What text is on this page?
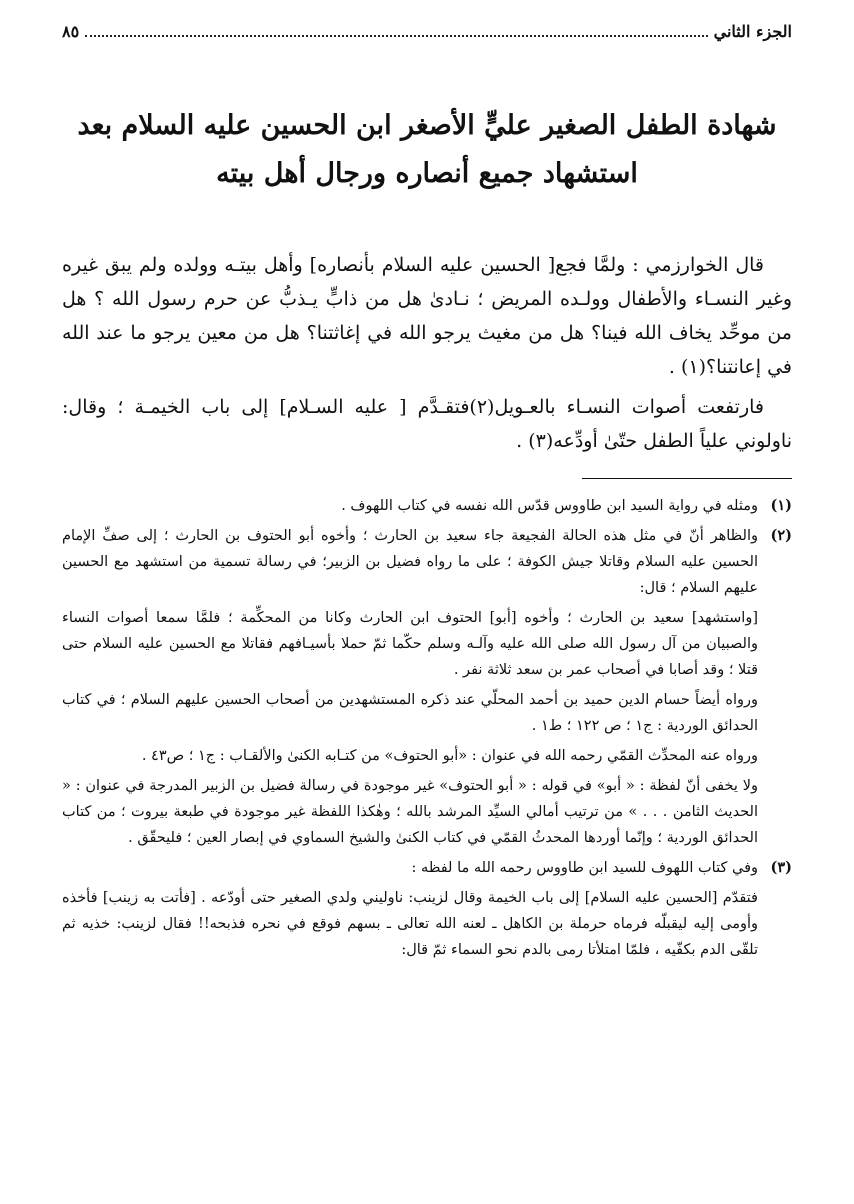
الجزء الثاني
٨٥
شهادة الطفل الصغير عليٍّ الأصغر ابن الحسين عليه السلام بعد استشهاد جميع أنصاره ورجال أهل بيته

قال الخوارزمي : ولمَّا فجع[ الحسين عليه السلام بأنصاره] وأهل بيتـه وولده ولم يبق غيره وغير النسـاء والأطفال وولـده المريض ؛ نـادىٰ هل من ذابٍّ يـذبُّ عن حرم رسول الله ؟ هل من موحِّد يخاف الله فينا؟ هل من مغيث يرجو الله في إغاثتنا؟ هل من معين يرجو ما عند الله في إعانتنا؟(١) .

فارتفعت أصوات النسـاء بالعـويل(٢)فتقـدَّم [ عليه السـلام] إلى باب الخيمـة ؛ وقال: ناولوني علياً الطفل حتّىٰ أودِّعه(٣) .

(١)
ومثله في رواية السيد ابن طاووس قدّس الله نفسه في كتاب اللهوف .
(٢)
والظاهر أنّ في مثل هذه الحالة الفجيعة جاء سعيد بن الحارث ؛ وأخوه أبو الحتوف بن الحارث ؛ إلى صفِّ الإمام الحسين عليه السلام وقاتلا جيش الكوفة ؛ على ما رواه فضيل بن الزبير؛ في رسالة تسمية من استشهد مع الحسين عليهم السلام ؛ قال:
[واستشهد] سعيد بن الحارث ؛ وأخوه [أبو] الحتوف ابن الحارث وكانا من المحكِّمة ؛ فلمَّا سمعا أصوات النساء والصبيان من آل رسول الله صلى الله عليه وآلـه وسلم حكّما ثمّ حملا بأسيـافهم فقاتلا مع الحسين عليه السلام حتى قتلا ؛ وقد أصابا في أصحاب عمر بن سعد ثلاثة نفر .
ورواه أيضاً حسام الدين حميد بن أحمد المحلّي عند ذكره المستشهدين من أصحاب الحسين عليهم السلام ؛ في كتاب الحدائق الوردية : ج١ ؛ ص ١٢٢ ؛ ط١ .
ورواه عنه المحدِّث القمّي رحمه الله في عنوان : «أبو الحتوف» من كتـابه الكنىٰ والألقـاب : ج١ ؛ ص٤٣ .
ولا يخفى أنّ لفظة : « أبو» في قوله : « أبو الحتوف» غير موجودة في رسالة فضيل بن الزبير المدرجة في عنوان : « الحديث الثامن . . . » من ترتيب أمالي السيِّد المرشد بالله ؛ وهٰكذا اللفظة غير موجودة في طبعة بيروت ؛ من كتاب الحدائق الوردية ؛ وإنّما أوردها المحدثُ القمّي في كتاب الكنىٰ والشيخ السماوي في إبصار العين ؛ فليحقّق .
(٣)
وفي كتاب اللهوف للسيد ابن طاووس رحمه الله ما لفظه :
فتقدّم [الحسين عليه السلام] إلى باب الخيمة وقال لزينب: ناوليني ولدي الصغير حتى أودّعه . [فأتت به زينب] فأخذه وأومى إليه ليقبلّه فرماه حرملة بن الكاهل ـ لعنه الله تعالى ـ بسهم فوقع في نحره فذبحه!! فقال لزينب: خذيه ثم تلقّى الدم بكفّيه ، فلمّا امتلأتا رمى بالدم نحو السماء ثمّ قال:
